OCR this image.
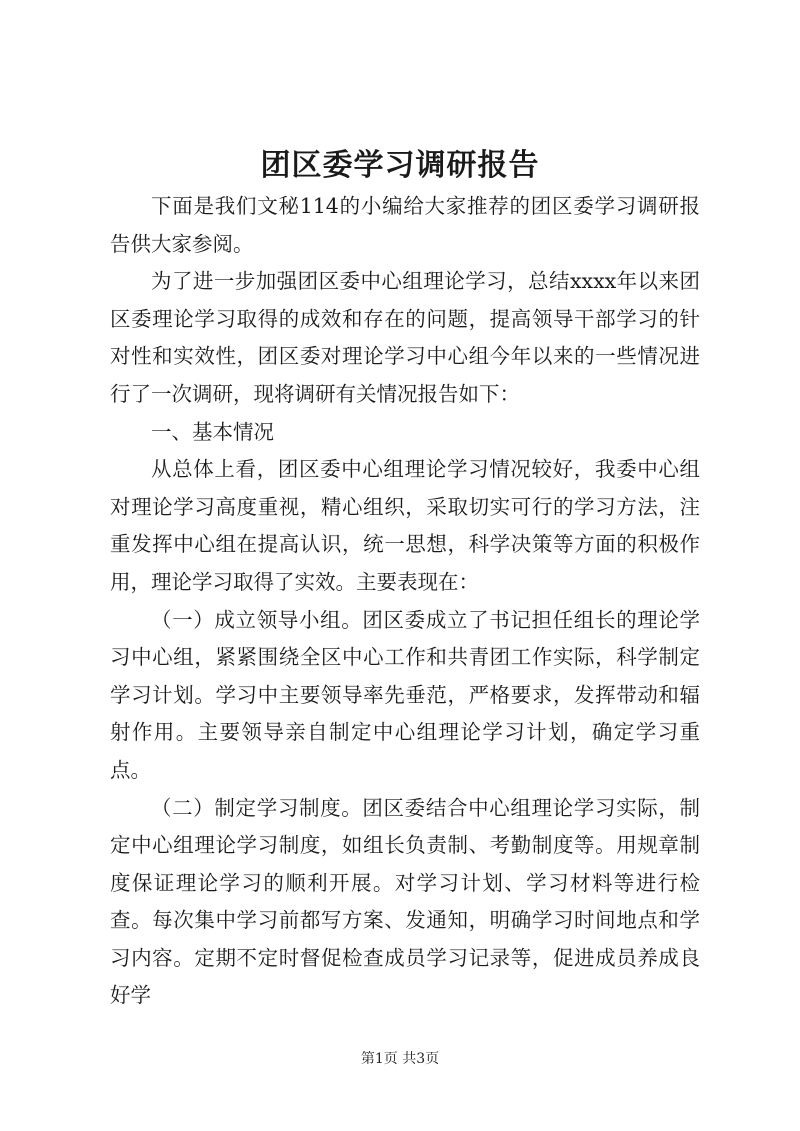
团区委学习调研报告

下面是我们文秘114的小编给大家推荐的团区委学习调研报告供大家参阅。

为了进一步加强团区委中心组理论学习，总结xxxx年以来团区委理论学习取得的成效和存在的问题，提高领导干部学习的针对性和实效性，团区委对理论学习中心组今年以来的一些情况进行了一次调研，现将调研有关情况报告如下：

一、基本情况

从总体上看，团区委中心组理论学习情况较好，我委中心组对理论学习高度重视，精心组织，采取切实可行的学习方法，注重发挥中心组在提高认识，统一思想，科学决策等方面的积极作用，理论学习取得了实效。主要表现在：

（一）成立领导小组。团区委成立了书记担任组长的理论学习中心组，紧紧围绕全区中心工作和共青团工作实际，科学制定学习计划。学习中主要领导率先垂范，严格要求，发挥带动和辐射作用。主要领导亲自制定中心组理论学习计划，确定学习重点。

（二）制定学习制度。团区委结合中心组理论学习实际，制定中心组理论学习制度，如组长负责制、考勤制度等。用规章制度保证理论学习的顺利开展。对学习计划、学习材料等进行检查。每次集中学习前都写方案、发通知，明确学习时间地点和学习内容。定期不定时督促检查成员学习记录等，促进成员养成良好学

第1页 共3页
